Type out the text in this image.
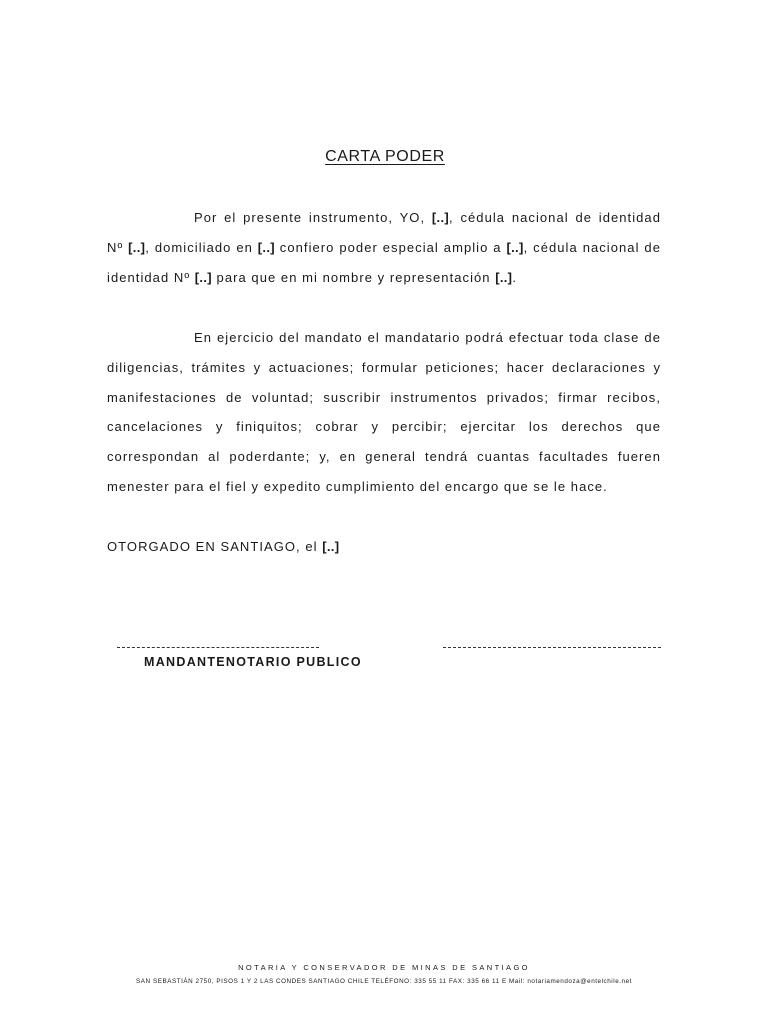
CARTA PODER

Por el presente instrumento, YO, [..], cédula nacional de identidad Nº [..], domiciliado en [..] confiero poder especial amplio a [..], cédula nacional de identidad Nº [..] para que en mi nombre y representación [..].

En ejercicio del mandato el mandatario podrá efectuar toda clase de diligencias, trámites y actuaciones; formular peticiones; hacer declaraciones y manifestaciones de voluntad; suscribir instrumentos privados; firmar recibos, cancelaciones y finiquitos; cobrar y percibir; ejercitar los derechos que correspondan al poderdante; y, en general tendrá cuantas facultades fueren menester para el fiel y expedito cumplimiento del encargo que se le hace.

OTORGADO EN SANTIAGO, el [..]
MANDANTENOTARIO PUBLICO
NOTARIA Y CONSERVADOR DE MINAS DE SANTIAGO
SAN SEBASTIÁN 2750, PISOS 1 Y 2 LAS CONDES SANTIAGO CHILE TELÉFONO: 335 55 11 FAX: 335 66 11 E Mail: notariamendoza@entelchile.net
